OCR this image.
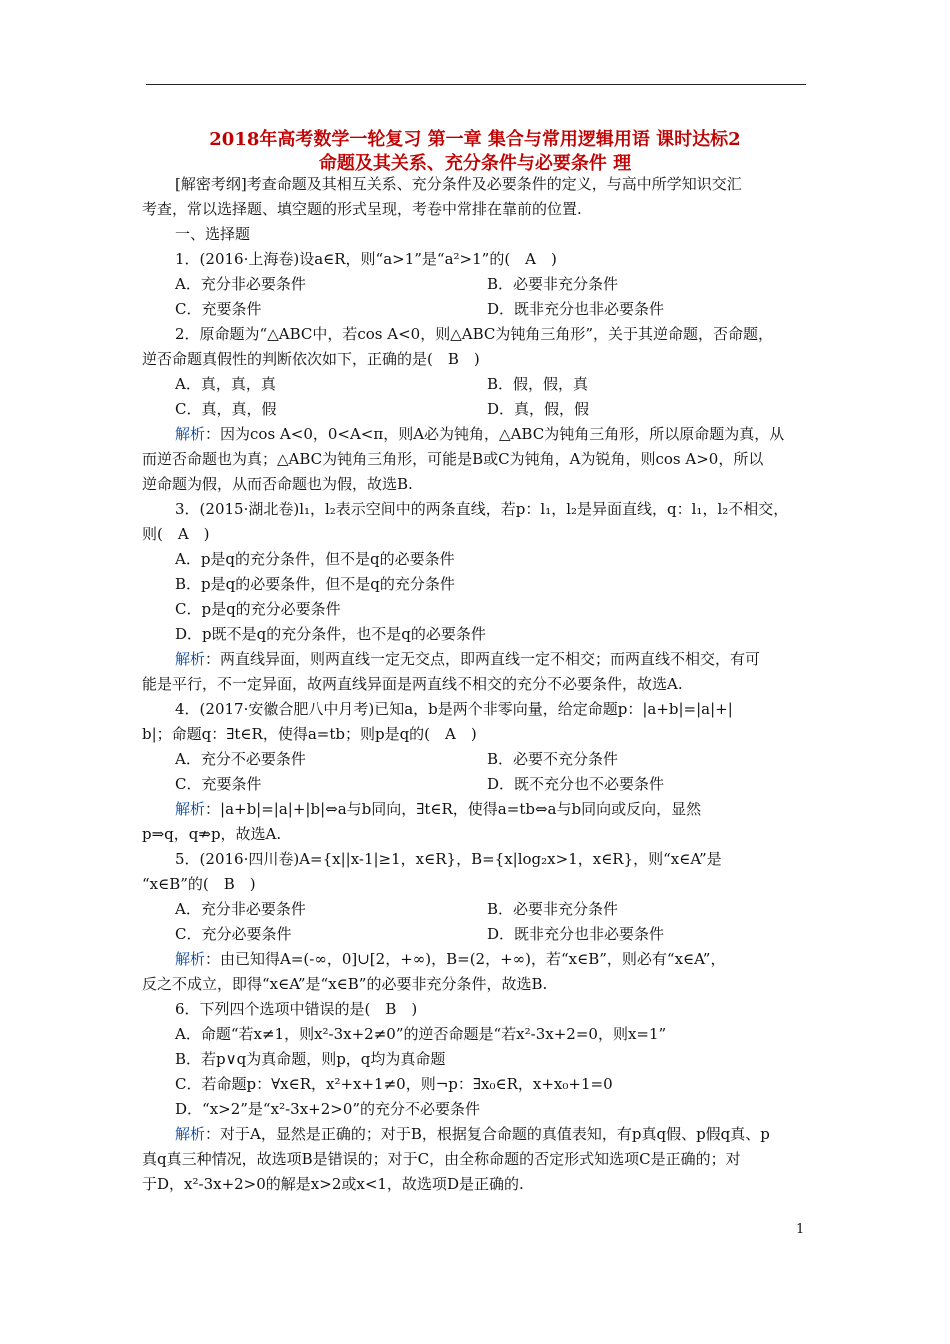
2018年高考数学一轮复习 第一章 集合与常用逻辑用语 课时达标2
命题及其关系、充分条件与必要条件 理
[解密考纲]考查命题及其相互关系、充分条件及必要条件的定义，与高中所学知识交汇
考查，常以选择题、填空题的形式呈现，考卷中常排在靠前的位置.
一、选择题
1．(2016·上海卷)设a∈R，则“a>1”是“a²>1”的(　A　)
A．充分非必要条件	B．必要非充分条件
C．充要条件	D．既非充分也非必要条件
2．原命题为“△ABC中，若cos A<0，则△ABC为钝角三角形”，关于其逆命题，否命题，
逆否命题真假性的判断依次如下，正确的是(　B　)
A．真，真，真	B．假，假，真
C．真，真，假	D．真，假，假
解析：因为cos A<0，0<A<π，则A必为钝角，△ABC为钝角三角形，所以原命题为真，从
而逆否命题也为真；△ABC为钝角三角形，可能是B或C为钝角，A为锐角，则cos A>0，所以
逆命题为假，从而否命题也为假，故选B.
3．(2015·湖北卷)l₁，l₂表示空间中的两条直线，若p：l₁，l₂是异面直线，q：l₁，l₂不相交，
则(　A　)
A．p是q的充分条件，但不是q的必要条件
B．p是q的必要条件，但不是q的充分条件
C．p是q的充分必要条件
D．p既不是q的充分条件，也不是q的必要条件
解析：两直线异面，则两直线一定无交点，即两直线一定不相交；而两直线不相交，有可
能是平行，不一定异面，故两直线异面是两直线不相交的充分不必要条件，故选A.
4．(2017·安徽合肥八中月考)已知a，b是两个非零向量，给定命题p：|a+b|=|a|+|
b|；命题q：∃t∈R，使得a=tb；则p是q的(　A　)
A．充分不必要条件	B．必要不充分条件
C．充要条件	D．既不充分也不必要条件
解析：|a+b|=|a|+|b|⇔a与b同向，∃t∈R，使得a=tb⇔a与b同向或反向，显然
p⇒q，q⇏p，故选A.
5．(2016·四川卷)A={x||x-1|≥1，x∈R}，B={x|log₂x>1，x∈R}，则“x∈A”是
“x∈B”的(　B　)
A．充分非必要条件	B．必要非充分条件
C．充分必要条件	D．既非充分也非必要条件
解析：由已知得A=(-∞，0]∪[2，+∞)，B=(2，+∞)，若“x∈B”，则必有“x∈A”，
反之不成立，即得“x∈A”是“x∈B”的必要非充分条件，故选B.
6．下列四个选项中错误的是(　B　)
A．命题“若x≠1，则x²-3x+2≠0”的逆否命题是“若x²-3x+2=0，则x=1”
B．若p∨q为真命题，则p，q均为真命题
C．若命题p：∀x∈R，x²+x+1≠0，则¬p：∃x₀∈R，x+x₀+1=0
D．“x>2”是“x²-3x+2>0”的充分不必要条件
解析：对于A，显然是正确的；对于B，根据复合命题的真值表知，有p真q假、p假q真、p
真q真三种情况，故选项B是错误的；对于C，由全称命题的否定形式知选项C是正确的；对
于D，x²-3x+2>0的解是x>2或x<1，故选项D是正确的.
1
